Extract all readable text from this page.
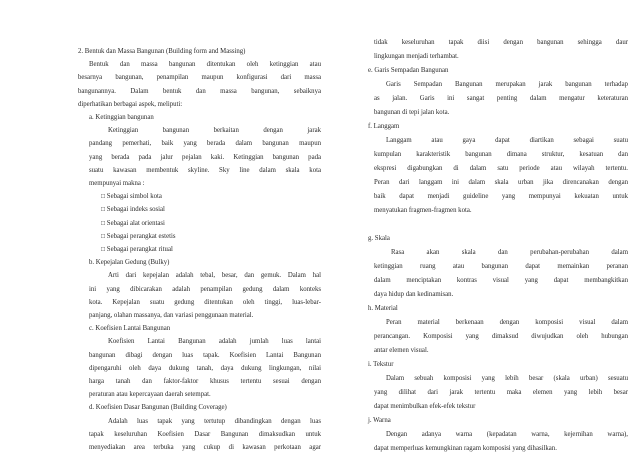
2. Bentuk dan Massa Bangunan (Building form and Massing)
Bentuk dan massa bangunan ditentukan oleh ketinggian atau
besarnya bangunan, penampilan maupun konfigurasi dari massa
bangunannya. Dalam bentuk dan massa bangunan, sebaiknya
diperhatikan berbagai aspek, meliputi:
a. Ketinggian bangunan
Ketinggian bangunan berkaitan dengan jarak
pandang pemerhati, baik yang berada dalam bangunan maupun
yang berada pada jalur pejalan kaki. Ketinggian bangunan pada
suatu kawasan membentuk skyline. Sky line dalam skala kota
mempunyai makna :
□ Sebagai simbol kota
□ Sebagai indeks sosial
□ Sebagai alat orientasi
□ Sebagai perangkat estetis
□ Sebagai perangkat ritual
b. Kepejalan Gedung (Bulky)
Arti dari kepejalan adalah tebal, besar, dan gemuk. Dalam hal
ini yang dibicarakan adalah penampilan gedung dalam konteks
kota. Kepejalan suatu gedung ditentukan oleh tinggi, luas-lebar-
panjang, olahan massanya, dan variasi penggunaan material.
c. Koefisien Lantai Bangunan
Koefisien Lantai Bangunan adalah jumlah luas lantai
bangunan dibagi dengan luas tapak. Koefisien Lantai Bangunan
dipengaruhi oleh daya dukung tanah, daya dukung lingkungan, nilai
harga tanah dan faktor-faktor khusus tertentu sesuai dengan
peraturan atau kepercayaan daerah setempat.
d. Koefisien Dasar Bangunan (Building Coverage)
Adalah luas tapak yang tertutup dibandingkan dengan luas
tapak keseluruhan Koefisien Dasar Bangunan dimaksudkan untuk
menyediakan area terbuka yang cukup di kawasan perkotaan agar
tidak keseluruhan tapak diisi dengan bangunan sehingga daur
lingkungan menjadi terhambat.
e. Garis Sempadan Bangunan
Garis Sempadan Bangunan merupakan jarak bangunan terhadap
as jalan. Garis ini sangat penting dalam mengatur keteraturan
bangunan di tepi jalan kota.
f. Langgam
Langgam atau gaya dapat diartikan sebagai suatu
kumpulan karakteristik bangunan dimana struktur, kesatuan dan
ekspresi digabungkan di dalam satu periode atau wilayah tertentu.
Peran dari langgam ini dalam skala urban jika direncanakan dengan
baik dapat menjadi guideline yang mempunyai kekuatan untuk
menyatukan fragmen-fragmen kota.
g. Skala
Rasa akan skala dan perubahan-perubahan dalam
ketinggian ruang atau bangunan dapat memainkan peranan
dalam menciptakan kontras visual yang dapat membangkitkan
daya hidup dan kedinamisan.
h. Material
Peran material berkenaan dengan komposisi visual dalam
perancangan. Komposisi yang dimaksud diwujudkan oleh hubungan
antar elemen visual.
i. Tekstur
Dalam sebuah komposisi yang lebih besar (skala urban) sesuatu
yang dilihat dari jarak tertentu maka elemen yang lebih besar
dapat menimbulkan efek-efek tekstur
j. Warna
Dengan adanya warna (kepadatan warna, kejernihan warna),
dapat memperluas kemungkinan ragam komposisi yang dihasilkan.
